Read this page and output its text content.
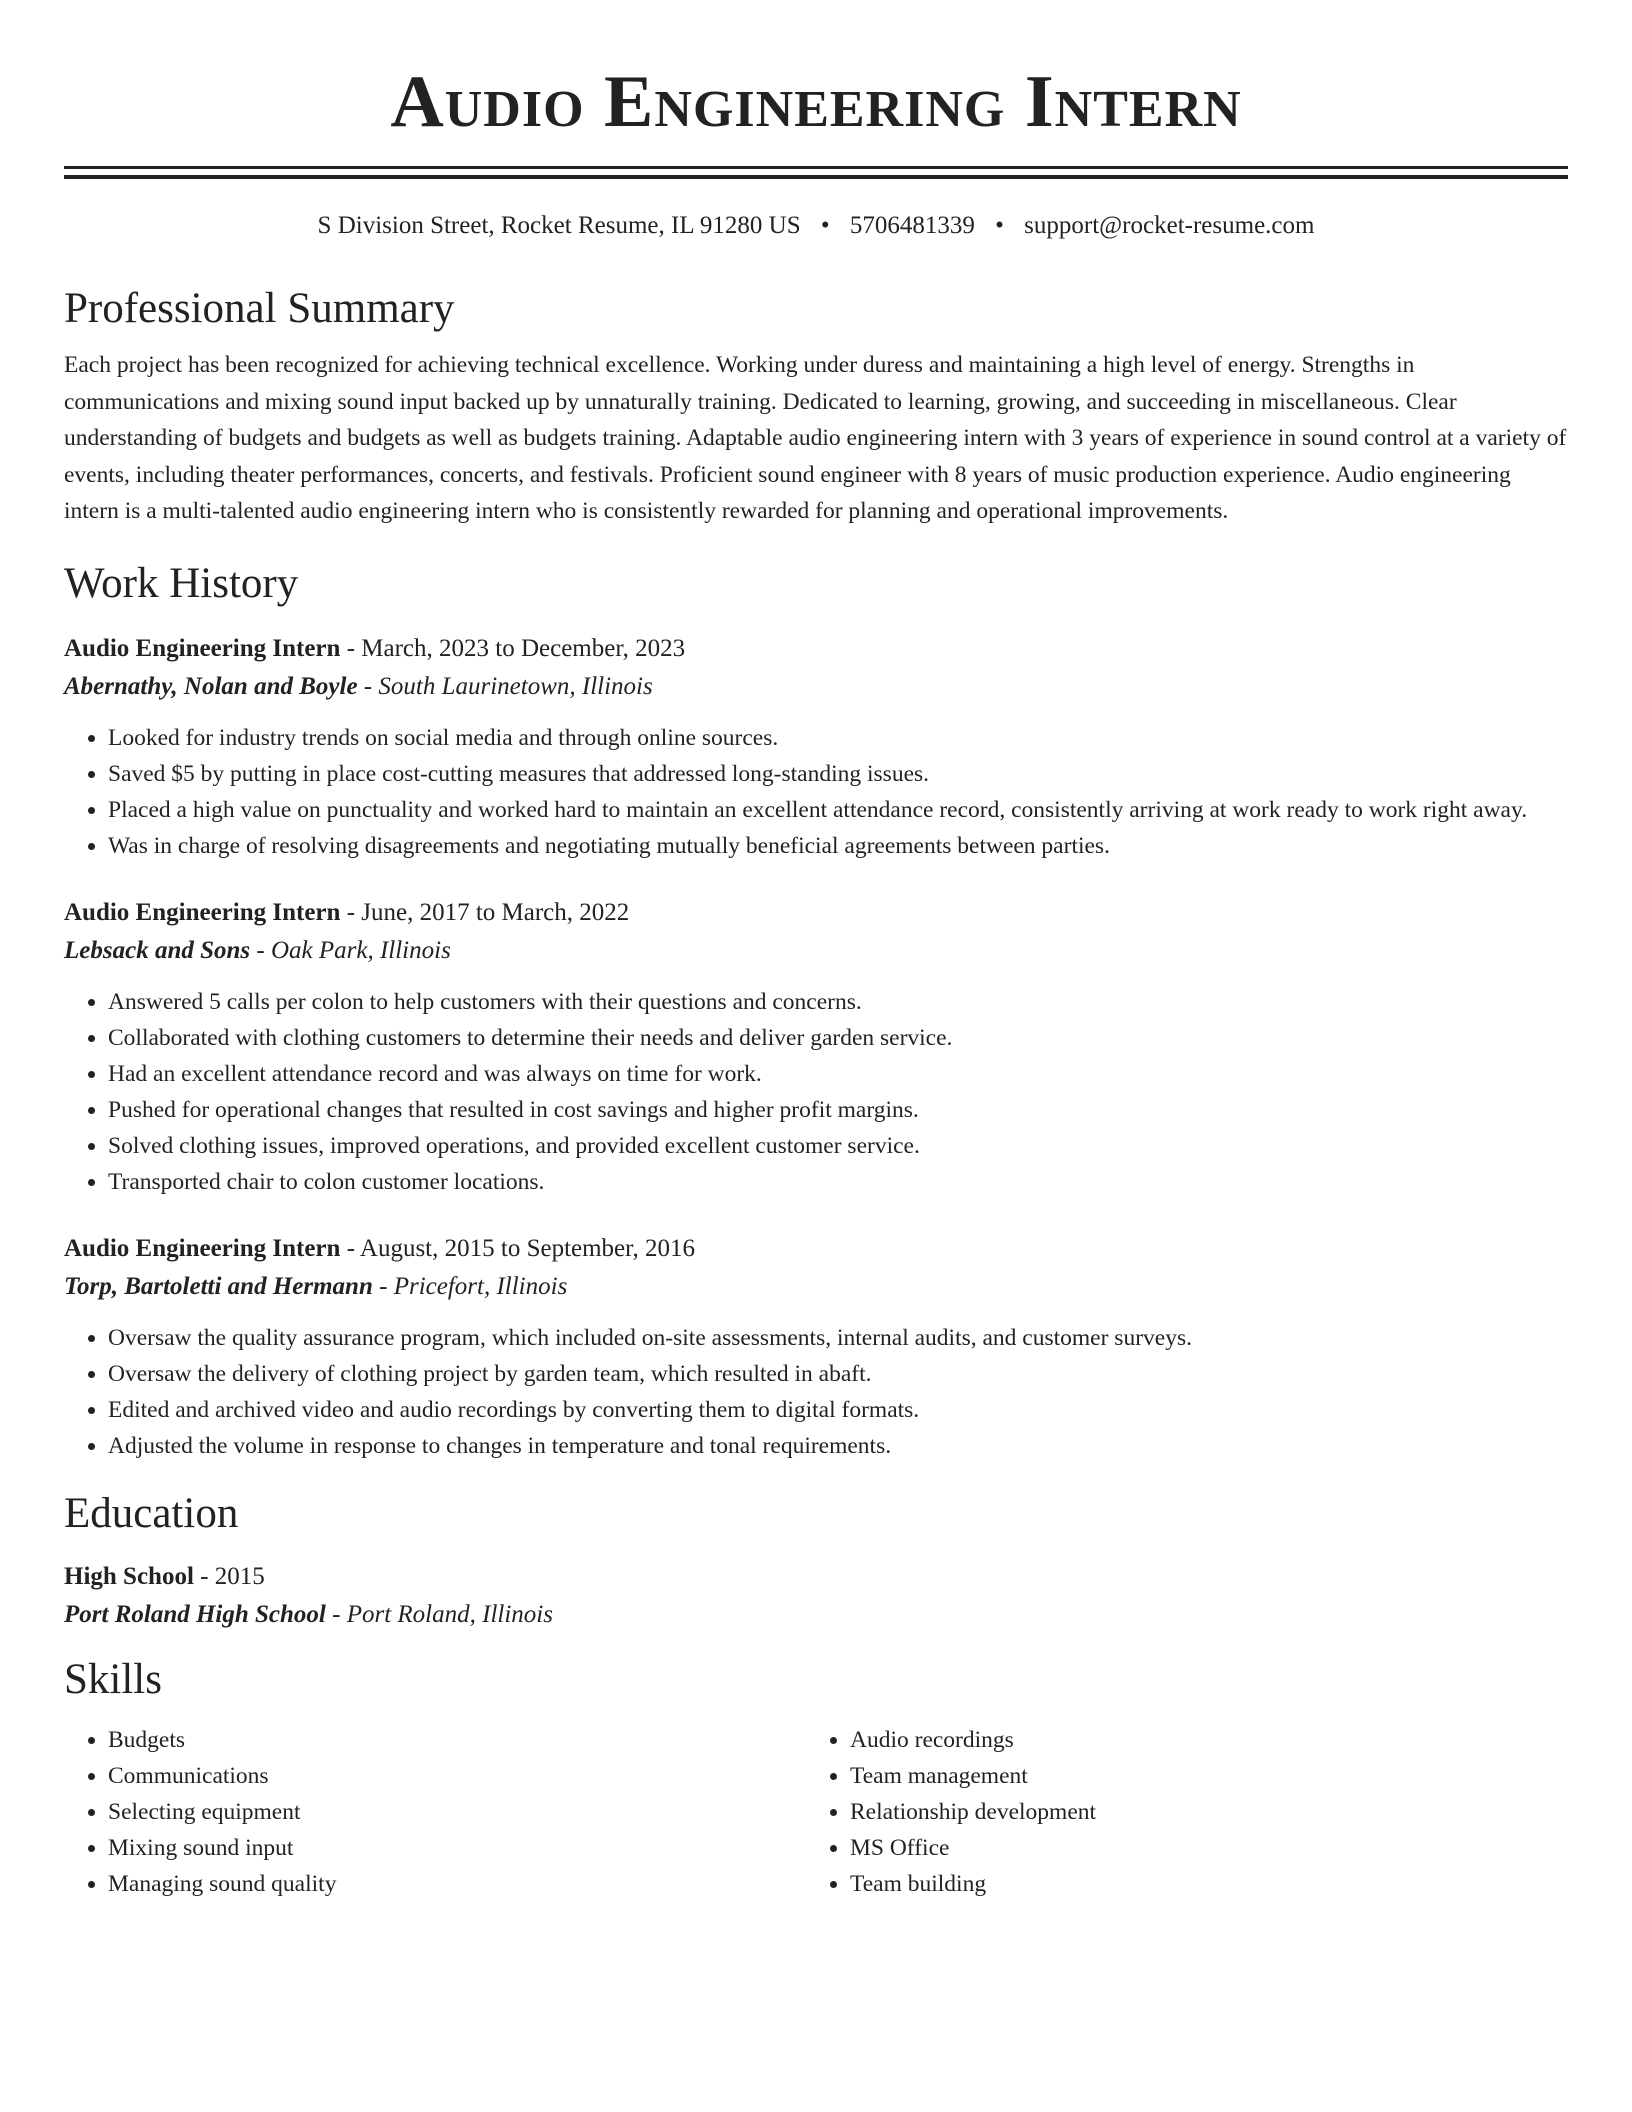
Audio Engineering Intern
S Division Street, Rocket Resume, IL 91280 US • 5706481339 • support@rocket-resume.com
Professional Summary
Each project has been recognized for achieving technical excellence. Working under duress and maintaining a high level of energy. Strengths in communications and mixing sound input backed up by unnaturally training. Dedicated to learning, growing, and succeeding in miscellaneous. Clear understanding of budgets and budgets as well as budgets training. Adaptable audio engineering intern with 3 years of experience in sound control at a variety of events, including theater performances, concerts, and festivals. Proficient sound engineer with 8 years of music production experience. Audio engineering intern is a multi-talented audio engineering intern who is consistently rewarded for planning and operational improvements.
Work History
Audio Engineering Intern - March, 2023 to December, 2023
Abernathy, Nolan and Boyle - South Laurinetown, Illinois
• Looked for industry trends on social media and through online sources.
• Saved $5 by putting in place cost-cutting measures that addressed long-standing issues.
• Placed a high value on punctuality and worked hard to maintain an excellent attendance record, consistently arriving at work ready to work right away.
• Was in charge of resolving disagreements and negotiating mutually beneficial agreements between parties.
Audio Engineering Intern - June, 2017 to March, 2022
Lebsack and Sons - Oak Park, Illinois
• Answered 5 calls per colon to help customers with their questions and concerns.
• Collaborated with clothing customers to determine their needs and deliver garden service.
• Had an excellent attendance record and was always on time for work.
• Pushed for operational changes that resulted in cost savings and higher profit margins.
• Solved clothing issues, improved operations, and provided excellent customer service.
• Transported chair to colon customer locations.
Audio Engineering Intern - August, 2015 to September, 2016
Torp, Bartoletti and Hermann - Pricefort, Illinois
• Oversaw the quality assurance program, which included on-site assessments, internal audits, and customer surveys.
• Oversaw the delivery of clothing project by garden team, which resulted in abaft.
• Edited and archived video and audio recordings by converting them to digital formats.
• Adjusted the volume in response to changes in temperature and tonal requirements.
Education
High School - 2015
Port Roland High School - Port Roland, Illinois
Skills
• Budgets
• Communications
• Selecting equipment
• Mixing sound input
• Managing sound quality
• Audio recordings
• Team management
• Relationship development
• MS Office
• Team building
